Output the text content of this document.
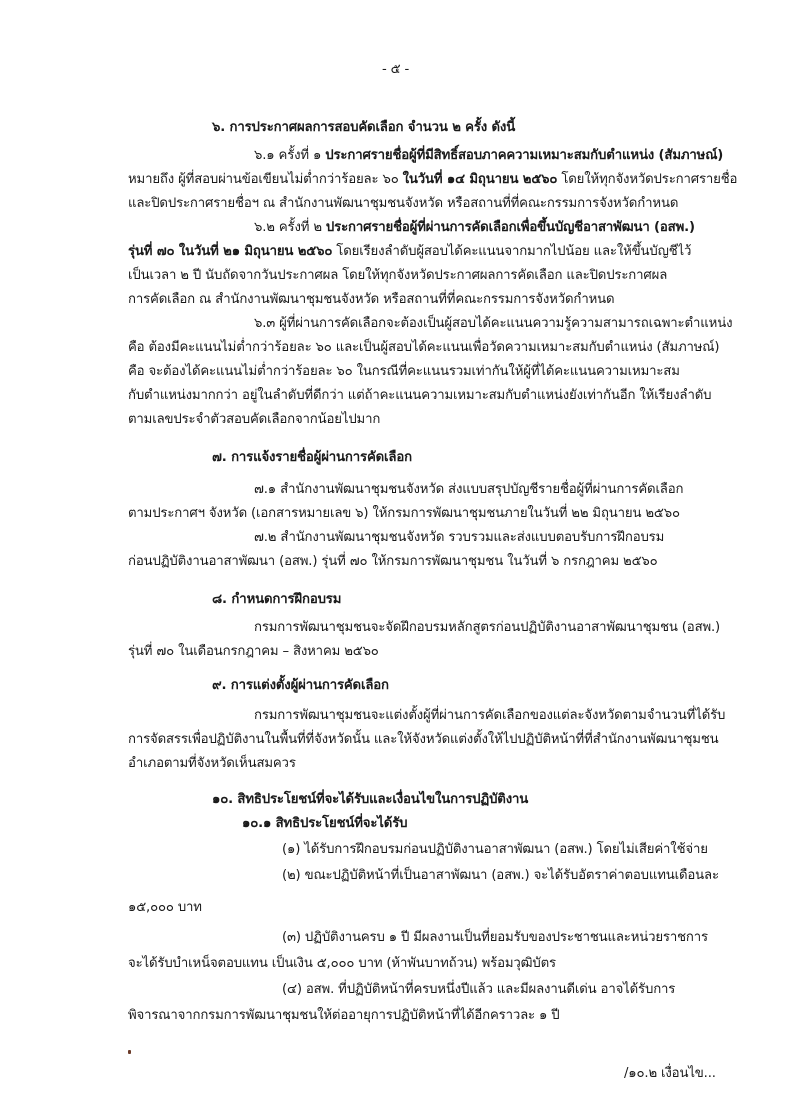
- ๕ -
๖. การประกาศผลการสอบคัดเลือก จำนวน ๒ ครั้ง ดังนี้
๖.๑ ครั้งที่ ๑ ประกาศรายชื่อผู้ที่มีสิทธิ์สอบภาคความเหมาะสมกับตำแหน่ง (สัมภาษณ์)
หมายถึง ผู้ที่สอบผ่านข้อเขียนไม่ต่ำกว่าร้อยละ ๖๐ ในวันที่ ๑๔ มิถุนายน ๒๕๖๐ โดยให้ทุกจังหวัดประกาศรายชื่อ
และปิดประกาศรายชื่อฯ ณ สำนักงานพัฒนาชุมชนจังหวัด หรือสถานที่ที่คณะกรรมการจังหวัดกำหนด
๖.๒ ครั้งที่ ๒ ประกาศรายชื่อผู้ที่ผ่านการคัดเลือกเพื่อขึ้นบัญชีอาสาพัฒนา (อสพ.)
รุ่นที่ ๗๐ ในวันที่ ๒๑ มิถุนายน ๒๕๖๐ โดยเรียงลำดับผู้สอบได้คะแนนจากมากไปน้อย และให้ขึ้นบัญชีไว้
เป็นเวลา ๒ ปี นับถัดจากวันประกาศผล โดยให้ทุกจังหวัดประกาศผลการคัดเลือก และปิดประกาศผล
การคัดเลือก ณ สำนักงานพัฒนาชุมชนจังหวัด หรือสถานที่ที่คณะกรรมการจังหวัดกำหนด
๖.๓ ผู้ที่ผ่านการคัดเลือกจะต้องเป็นผู้สอบได้คะแนนความรู้ความสามารถเฉพาะตำแหน่ง
คือ ต้องมีคะแนนไม่ต่ำกว่าร้อยละ ๖๐ และเป็นผู้สอบได้คะแนนเพื่อวัดความเหมาะสมกับตำแหน่ง (สัมภาษณ์)
คือ จะต้องได้คะแนนไม่ต่ำกว่าร้อยละ ๖๐ ในกรณีที่คะแนนรวมเท่ากันให้ผู้ที่ได้คะแนนความเหมาะสม
กับตำแหน่งมากกว่า อยู่ในลำดับที่ดีกว่า แต่ถ้าคะแนนความเหมาะสมกับตำแหน่งยังเท่ากันอีก ให้เรียงลำดับ
ตามเลขประจำตัวสอบคัดเลือกจากน้อยไปมาก
๗. การแจ้งรายชื่อผู้ผ่านการคัดเลือก
๗.๑ สำนักงานพัฒนาชุมชนจังหวัด ส่งแบบสรุปบัญชีรายชื่อผู้ที่ผ่านการคัดเลือก
ตามประกาศฯ จังหวัด (เอกสารหมายเลข ๖) ให้กรมการพัฒนาชุมชนภายในวันที่ ๒๒ มิถุนายน ๒๕๖๐
๗.๒ สำนักงานพัฒนาชุมชนจังหวัด รวบรวมและส่งแบบตอบรับการฝึกอบรม
ก่อนปฏิบัติงานอาสาพัฒนา (อสพ.) รุ่นที่ ๗๐ ให้กรมการพัฒนาชุมชน ในวันที่ ๖ กรกฎาคม ๒๕๖๐
๘. กำหนดการฝึกอบรม
กรมการพัฒนาชุมชนจะจัดฝึกอบรมหลักสูตรก่อนปฏิบัติงานอาสาพัฒนาชุมชน (อสพ.)
รุ่นที่ ๗๐ ในเดือนกรกฎาคม – สิงหาคม ๒๕๖๐
๙. การแต่งตั้งผู้ผ่านการคัดเลือก
กรมการพัฒนาชุมชนจะแต่งตั้งผู้ที่ผ่านการคัดเลือกของแต่ละจังหวัดตามจำนวนที่ได้รับ
การจัดสรรเพื่อปฏิบัติงานในพื้นที่ที่จังหวัดนั้น และให้จังหวัดแต่งตั้งให้ไปปฏิบัติหน้าที่ที่สำนักงานพัฒนาชุมชน
อำเภอตามที่จังหวัดเห็นสมควร
๑๐. สิทธิประโยชน์ที่จะได้รับและเงื่อนไขในการปฏิบัติงาน
๑๐.๑ สิทธิประโยชน์ที่จะได้รับ
(๑) ได้รับการฝึกอบรมก่อนปฏิบัติงานอาสาพัฒนา (อสพ.) โดยไม่เสียค่าใช้จ่าย
(๒) ขณะปฏิบัติหน้าที่เป็นอาสาพัฒนา (อสพ.) จะได้รับอัตราค่าตอบแทนเดือนละ
๑๕,๐๐๐ บาท
(๓) ปฏิบัติงานครบ ๑ ปี มีผลงานเป็นที่ยอมรับของประชาชนและหน่วยราชการ
จะได้รับบำเหน็จตอบแทน เป็นเงิน ๕,๐๐๐ บาท (ห้าพันบาทถ้วน) พร้อมวุฒิบัตร
(๔) อสพ. ที่ปฏิบัติหน้าที่ครบหนึ่งปีแล้ว และมีผลงานดีเด่น อาจได้รับการ
พิจารณาจากกรมการพัฒนาชุมชนให้ต่ออายุการปฏิบัติหน้าที่ได้อีกคราวละ ๑ ปี
/๑๐.๒ เงื่อนไข...
